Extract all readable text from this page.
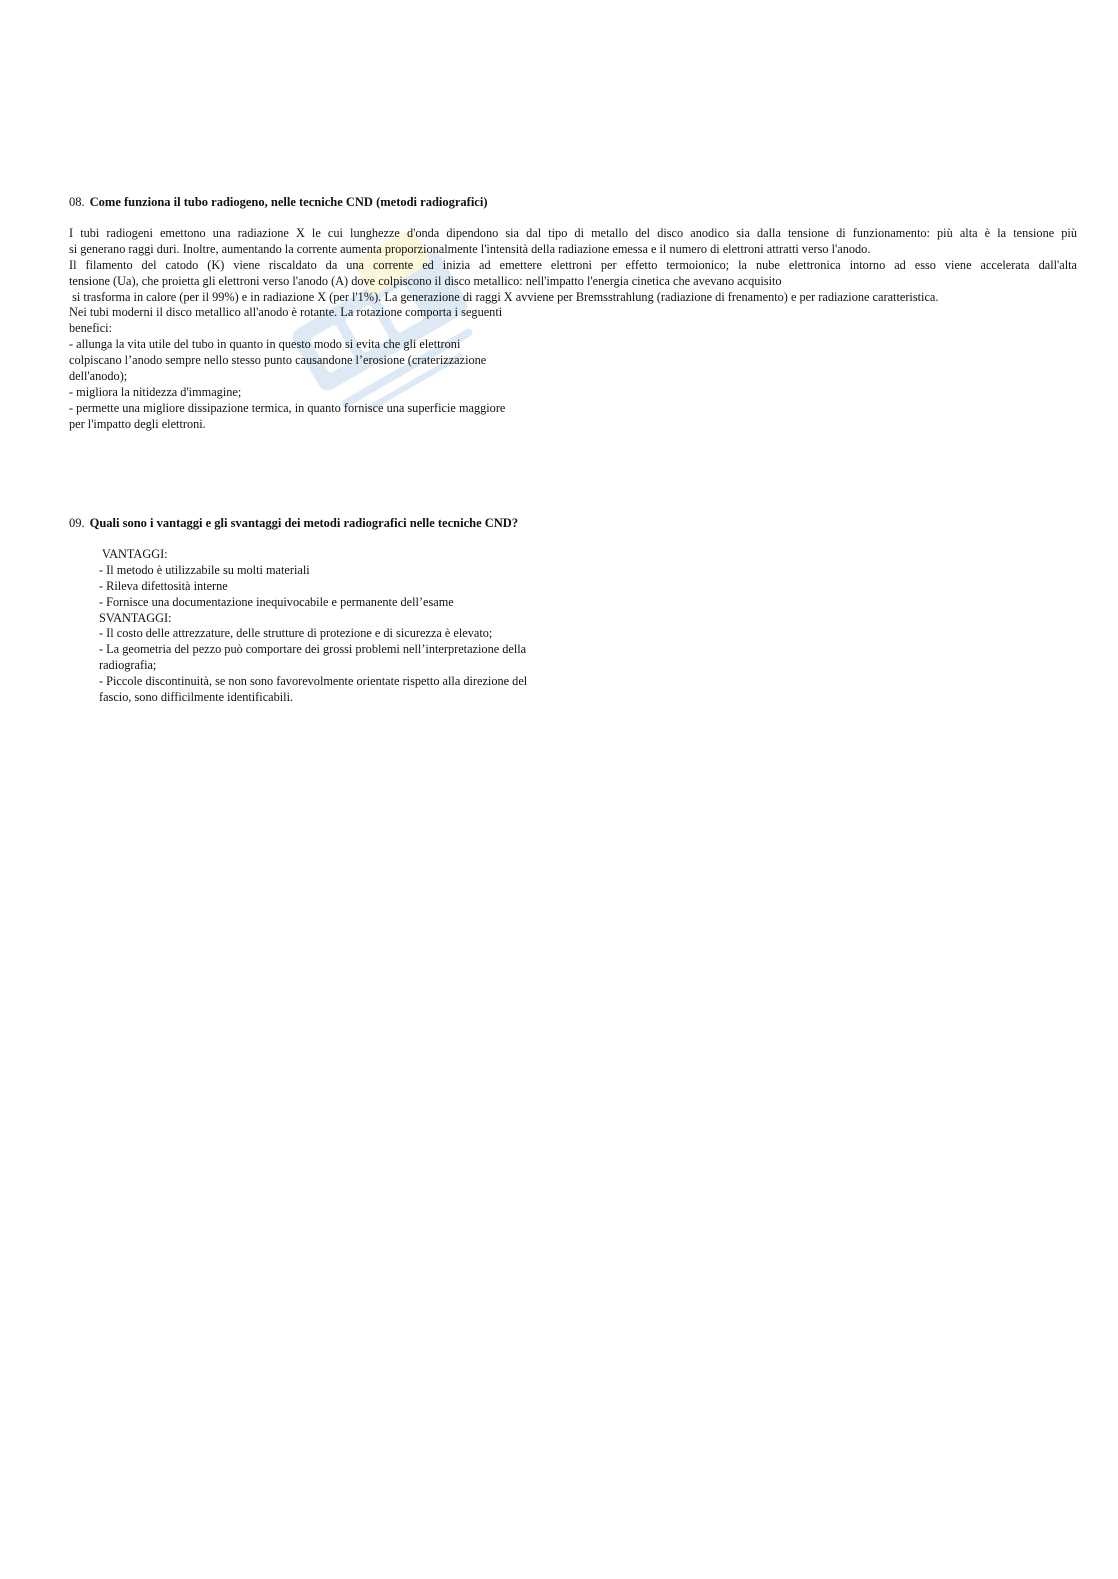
08. Come funziona il tubo radiogeno, nelle tecniche CND (metodi radiografici)
I tubi radiogeni emettono una radiazione X le cui lunghezze d'onda dipendono sia dal tipo di metallo del disco anodico sia dalla tensione di funzionamento: più alta è la tensione più
si generano raggi duri. Inoltre, aumentando la corrente aumenta proporzionalmente l'intensità della radiazione emessa e il numero di elettroni attratti verso l'anodo.
Il filamento del catodo (K) viene riscaldato da una corrente ed inizia ad emettere elettroni per effetto termoionico; la nube elettronica intorno ad esso viene accelerata dall'alta
tensione (Ua), che proietta gli elettroni verso l'anodo (A) dove colpiscono il disco metallico: nell'impatto l'energia cinetica che avevano acquisito
si trasforma in calore (per il 99%) e in radiazione X (per l'1%). La generazione di raggi X avviene per Bremsstrahlung (radiazione di frenamento) e per radiazione caratteristica.
Nei tubi moderni il disco metallico all'anodo è rotante. La rotazione comporta i seguenti
benefici:
- allunga la vita utile del tubo in quanto in questo modo si evita che gli elettroni
colpiscano l’anodo sempre nello stesso punto causandone l’erosione (craterizzazione
dell'anodo);
- migliora la nitidezza d'immagine;
- permette una migliore dissipazione termica, in quanto fornisce una superficie maggiore
per l'impatto degli elettroni.
09. Quali sono i vantaggi e gli svantaggi dei metodi radiografici nelle tecniche CND?
VANTAGGI:
- Il metodo è utilizzabile su molti materiali
- Rileva difettosità interne
- Fornisce una documentazione inequivocabile e permanente dell’esame
SVANTAGGI:
- Il costo delle attrezzature, delle strutture di protezione e di sicurezza è elevato;
- La geometria del pezzo può comportare dei grossi problemi nell’interpretazione della
radiografia;
- Piccole discontinuità, se non sono favorevolmente orientate rispetto alla direzione del
fascio, sono difficilmente identificabili.
